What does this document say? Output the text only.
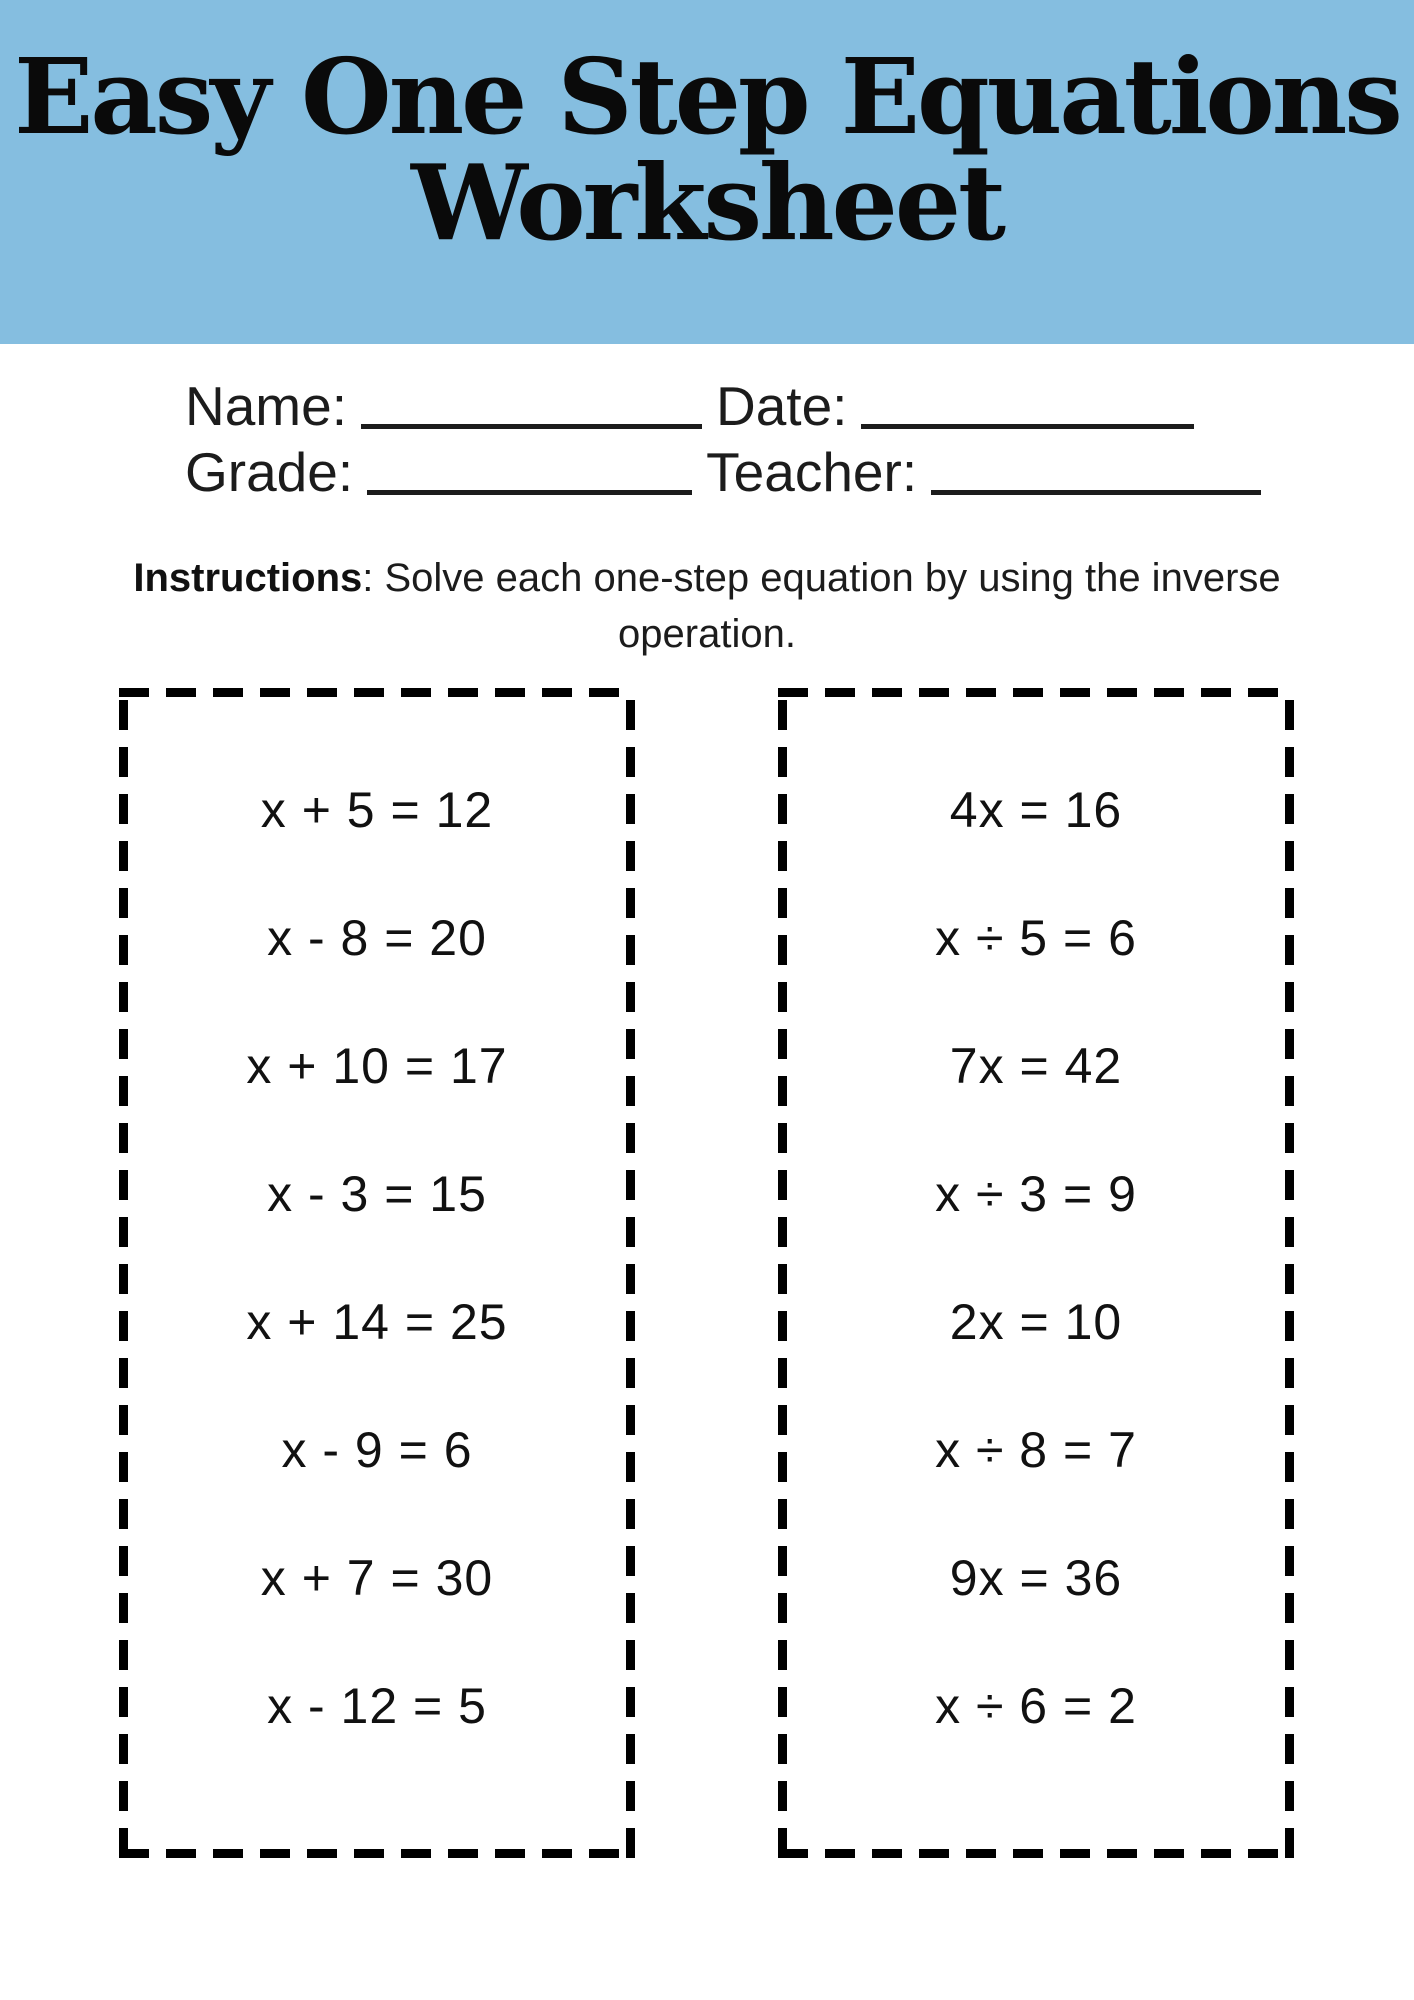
Easy One Step Equations
Worksheet
Name:	Date:
Grade:	Teacher:
Instructions: Solve each one-step equation by using the inverse
operation.
x + 5 = 12
x - 8 = 20
x + 10 = 17
x - 3 = 15
x + 14 = 25
x - 9 = 6
x + 7 = 30
x - 12 = 5
4x = 16
x ÷ 5 = 6
7x = 42
x ÷ 3 = 9
2x = 10
x ÷ 8 = 7
9x = 36
x ÷ 6 = 2
